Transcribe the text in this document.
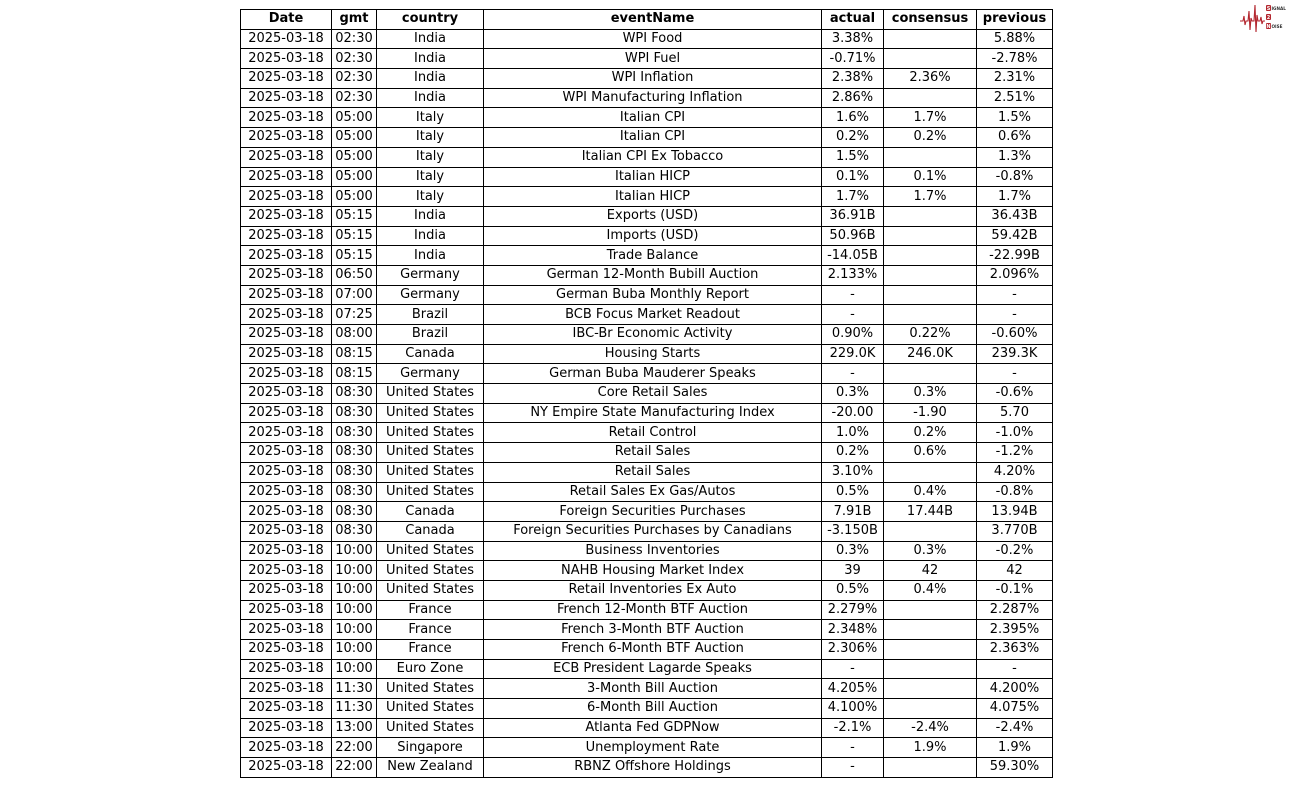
Date	gmt	country	eventName	actual	consensus	previous
2025-03-18	02:30	India	WPI Food	3.38%		5.88%
2025-03-18	02:30	India	WPI Fuel	-0.71%		-2.78%
2025-03-18	02:30	India	WPI Inflation	2.38%	2.36%	2.31%
2025-03-18	02:30	India	WPI Manufacturing Inflation	2.86%		2.51%
2025-03-18	05:00	Italy	Italian CPI	1.6%	1.7%	1.5%
2025-03-18	05:00	Italy	Italian CPI	0.2%	0.2%	0.6%
2025-03-18	05:00	Italy	Italian CPI Ex Tobacco	1.5%		1.3%
2025-03-18	05:00	Italy	Italian HICP	0.1%	0.1%	-0.8%
2025-03-18	05:00	Italy	Italian HICP	1.7%	1.7%	1.7%
2025-03-18	05:15	India	Exports (USD)	36.91B		36.43B
2025-03-18	05:15	India	Imports (USD)	50.96B		59.42B
2025-03-18	05:15	India	Trade Balance	-14.05B		-22.99B
2025-03-18	06:50	Germany	German 12-Month Bubill Auction	2.133%		2.096%
2025-03-18	07:00	Germany	German Buba Monthly Report	-		-
2025-03-18	07:25	Brazil	BCB Focus Market Readout	-		-
2025-03-18	08:00	Brazil	IBC-Br Economic Activity	0.90%	0.22%	-0.60%
2025-03-18	08:15	Canada	Housing Starts	229.0K	246.0K	239.3K
2025-03-18	08:15	Germany	German Buba Mauderer Speaks	-		-
2025-03-18	08:30	United States	Core Retail Sales	0.3%	0.3%	-0.6%
2025-03-18	08:30	United States	NY Empire State Manufacturing Index	-20.00	-1.90	5.70
2025-03-18	08:30	United States	Retail Control	1.0%	0.2%	-1.0%
2025-03-18	08:30	United States	Retail Sales	0.2%	0.6%	-1.2%
2025-03-18	08:30	United States	Retail Sales	3.10%		4.20%
2025-03-18	08:30	United States	Retail Sales Ex Gas/Autos	0.5%	0.4%	-0.8%
2025-03-18	08:30	Canada	Foreign Securities Purchases	7.91B	17.44B	13.94B
2025-03-18	08:30	Canada	Foreign Securities Purchases by Canadians	-3.150B		3.770B
2025-03-18	10:00	United States	Business Inventories	0.3%	0.3%	-0.2%
2025-03-18	10:00	United States	NAHB Housing Market Index	39	42	42
2025-03-18	10:00	United States	Retail Inventories Ex Auto	0.5%	0.4%	-0.1%
2025-03-18	10:00	France	French 12-Month BTF Auction	2.279%		2.287%
2025-03-18	10:00	France	French 3-Month BTF Auction	2.348%		2.395%
2025-03-18	10:00	France	French 6-Month BTF Auction	2.306%		2.363%
2025-03-18	10:00	Euro Zone	ECB President Lagarde Speaks	-		-
2025-03-18	11:30	United States	3-Month Bill Auction	4.205%		4.200%
2025-03-18	11:30	United States	6-Month Bill Auction	4.100%		4.075%
2025-03-18	13:00	United States	Atlanta Fed GDPNow	-2.1%	-2.4%	-2.4%
2025-03-18	22:00	Singapore	Unemployment Rate	-	1.9%	1.9%
2025-03-18	22:00	New Zealand	RBNZ Offshore Holdings	-		59.30%
S IGNAL
2
N OISE
